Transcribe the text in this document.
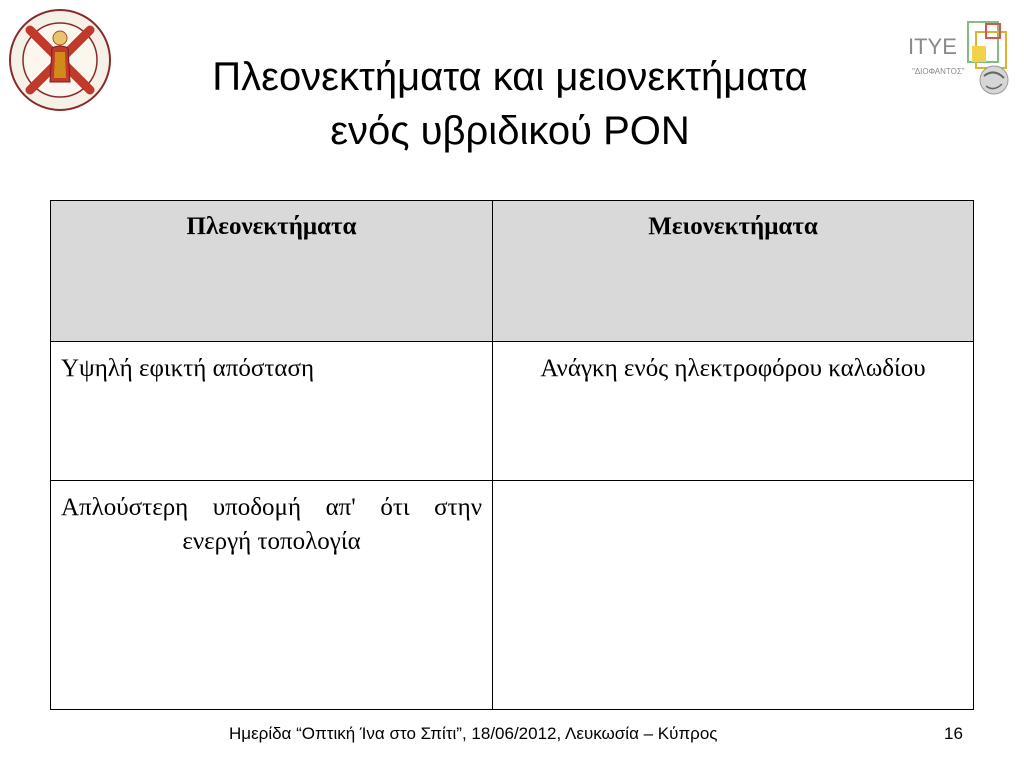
ITYE
"ΔΙΟΦΑΝΤΟΣ"
Πλεονεκτήματα και μειονεκτήματα
ενός υβριδικού PON
Πλεονεκτήματα	Μειονεκτήματα

Υψηλή εφικτή απόσταση	Ανάγκη ενός ηλεκτροφόρου καλωδίου

Απλούστερη υποδομή απ' ότι στην ενεργή τοπολογία	

Ημερίδα “Οπτική Ίνα στο Σπίτι”, 18/06/2012, Λευκωσία – Κύπρος	16
